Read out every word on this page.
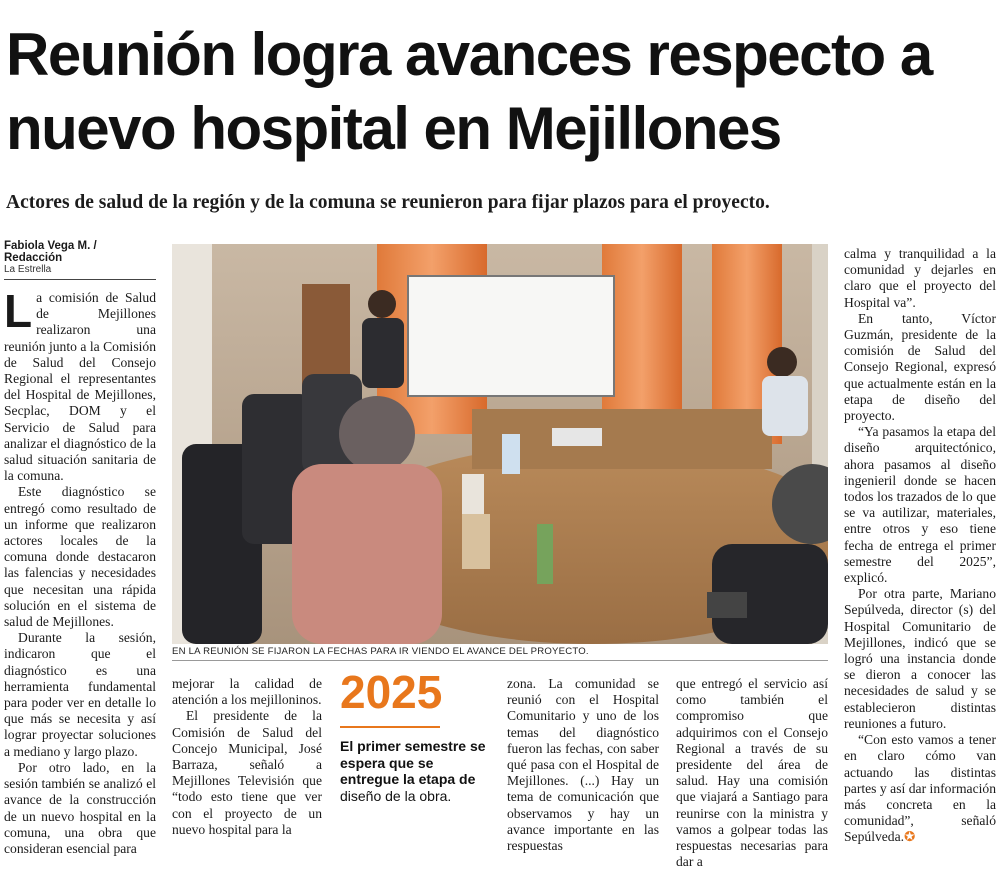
Reunión logra avances respecto a nuevo hospital en Mejillones

Actores de salud de la región y de la comuna se reunieron para fijar plazos para el proyecto.

Fabiola Vega M. / Redacción
La Estrella

La comisión de Salud de Mejillones realizaron una reunión junto a la Comisión de Salud del Consejo Regional el representantes del Hospital de Mejillones, Secplac, DOM y el Servicio de Salud para analizar el diagnóstico de la salud situación sanitaria de la comuna.

Este diagnóstico se entregó como resultado de un informe que realizaron actores locales de la comuna donde destacaron las falencias y necesidades que necesitan una rápida solución en el sistema de salud de Mejillones.

Durante la sesión, indicaron que el diagnóstico es una herramienta fundamental para poder ver en detalle lo que más se necesita y así lograr proyectar soluciones a mediano y largo plazo.

Por otro lado, en la sesión también se analizó el avance de la construcción de un nuevo hospital en la comuna, una obra que consideran esencial para

EN LA REUNIÓN SE FIJARON LA FECHAS PARA IR VIENDO EL AVANCE DEL PROYECTO.

mejorar la calidad de atención a los mejilloninos.

El presidente de la Comisión de Salud del Concejo Municipal, José Barraza, señaló a Mejillones Televisión que “todo esto tiene que ver con el proyecto de un nuevo hospital para la

2025
El primer semestre se espera que se entregue la etapa de diseño de la obra.

zona. La comunidad se reunió con el Hospital Comunitario y uno de los temas del diagnóstico fueron las fechas, con saber qué pasa con el Hospital de Mejillones. (...) Hay un tema de comunicación que observamos y hay un avance importante en las respuestas

que entregó el servicio así como también el compromiso que adquirimos con el Consejo Regional a través de su presidente del área de salud. Hay una comisión que viajará a Santiago para reunirse con la ministra y vamos a golpear todas las respuestas necesarias para dar a

calma y tranquilidad a la comunidad y dejarles en claro que el proyecto del Hospital va”.

En tanto, Víctor Guzmán, presidente de la comisión de Salud del Consejo Regional, expresó que actualmente están en la etapa de diseño del proyecto.

“Ya pasamos la etapa del diseño arquitectónico, ahora pasamos al diseño ingenieril donde se hacen todos los trazados de lo que se va autilizar, materiales, entre otros y eso tiene fecha de entrega el primer semestre del 2025”, explicó.

Por otra parte, Mariano Sepúlveda, director (s) del Hospital Comunitario de Mejillones, indicó que se logró una instancia donde se dieron a conocer las necesidades de salud y se establecieron distintas reuniones a futuro.

“Con esto vamos a tener en claro cómo van actuando las distintas partes y así dar información más concreta en la comunidad”, señaló Sepúlveda.✪
